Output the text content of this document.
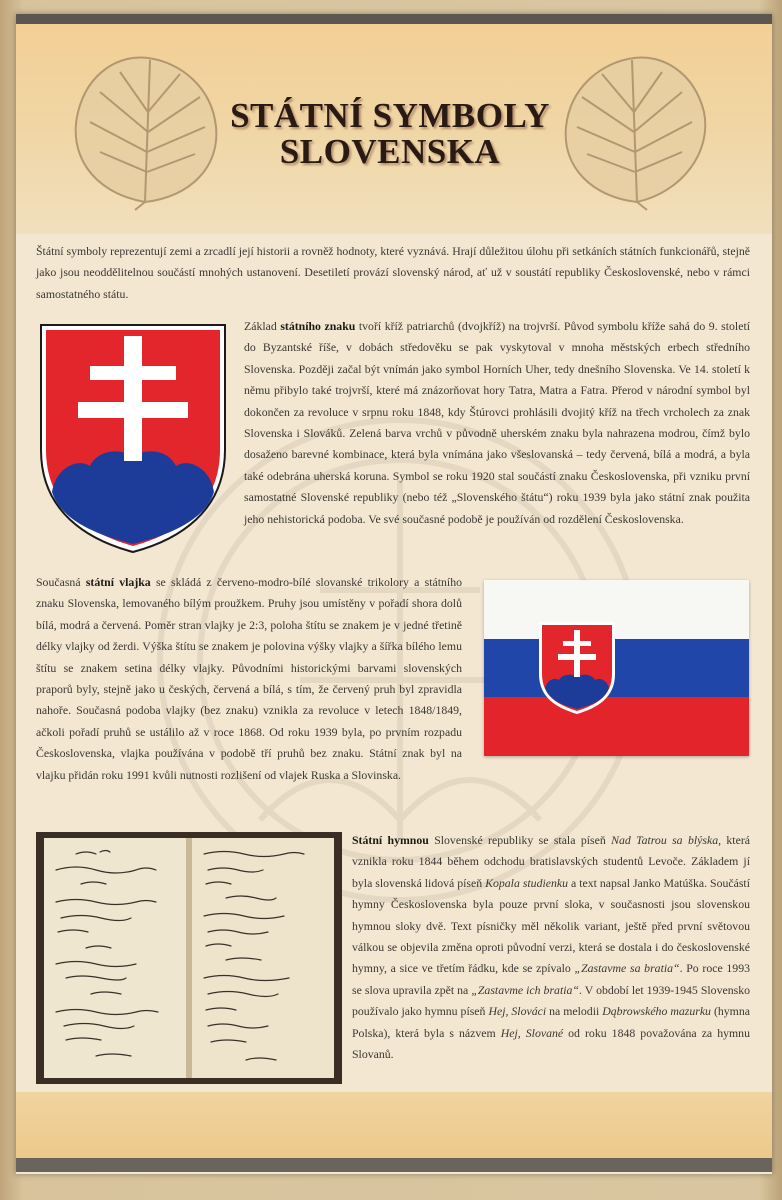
STÁTNÍ SYMBOLY
SLOVENSKA
Štátní symboly reprezentují zemi a zrcadlí její historii a rovněž hodnoty, které vyznává. Hrají důležitou úlohu při setkáních státních funkcionářů, stejně jako jsou neoddělitelnou součástí mnohých ustanovení. Desetiletí provází slovenský národ, ať už v soustátí republiky Československé, nebo v rámci samostatného státu.
Základ státního znaku tvoří kříž patriarchů (dvojkříž) na trojvrší. Původ symbolu kříže sahá do 9. století do Byzantské říše, v dobách středověku se pak vyskytoval v mnoha městských erbech středního Slovenska. Později začal být vnímán jako symbol Horních Uher, tedy dnešního Slovenska. Ve 14. století k němu přibylo také trojvrší, které má znázorňovat hory Tatra, Matra a Fatra. Přerod v národní symbol byl dokončen za revoluce v srpnu roku 1848, kdy Štúrovci prohlásili dvojitý kříž na třech vrcholech za znak Slovenska i Slováků. Zelená barva vrchů v původně uherském znaku byla nahrazena modrou, čímž bylo dosaženo barevné kombinace, která byla vnímána jako všeslovanská – tedy červená, bílá a modrá, a byla také odebrána uherská koruna. Symbol se roku 1920 stal součástí znaku Československa, při vzniku první samostatné Slovenské republiky (nebo též „Slovenského štátu“) roku 1939 byla jako státní znak použita jeho nehistorická podoba. Ve své současné podobě je používán od rozdělení Československa.
Současná státní vlajka se skládá z červeno-modro-bílé slovanské trikolory a státního znaku Slovenska, lemovaného bílým proužkem. Pruhy jsou umístěny v pořadí shora dolů bílá, modrá a červená. Poměr stran vlajky je 2:3, poloha štítu se znakem je v jedné třetině délky vlajky od žerdi. Výška štítu se znakem je polovina výšky vlajky a šířka bílého lemu štítu se znakem setina délky vlajky. Původními historickými barvami slovenských praporů byly, stejně jako u českých, červená a bílá, s tím, že červený pruh byl zpravidla nahoře. Současná podoba vlajky (bez znaku) vznikla za revoluce v letech 1848/1849, ačkoli pořadí pruhů se ustálilo až v roce 1868. Od roku 1939 byla, po prvním rozpadu Československa, vlajka používána v podobě tří pruhů bez znaku. Státní znak byl na vlajku přidán roku 1991 kvůli nutnosti rozlišení od vlajek Ruska a Slovinska.
Státní hymnou Slovenské republiky se stala píseň Nad Tatrou sa blýska, která vznikla roku 1844 během odchodu bratislavských studentů Levoče. Základem jí byla slovenská lidová píseň Kopala studienku a text napsal Janko Matúška. Součástí hymny Československa byla pouze první sloka, v současnosti jsou slovenskou hymnou sloky dvě. Text písničky měl několik variant, ještě před první světovou válkou se objevila změna oproti původní verzi, která se dostala i do československé hymny, a sice ve třetím řádku, kde se zpívalo „Zastavme sa bratia“. Po roce 1993 se slova upravila zpět na „Zastavme ich bratia“. V období let 1939-1945 Slovensko používalo jako hymnu píseň Hej, Slováci na melodii Dąbrowského mazurku (hymna Polska), která byla s názvem Hej, Slované od roku 1848 považována za hymnu Slovanů.
